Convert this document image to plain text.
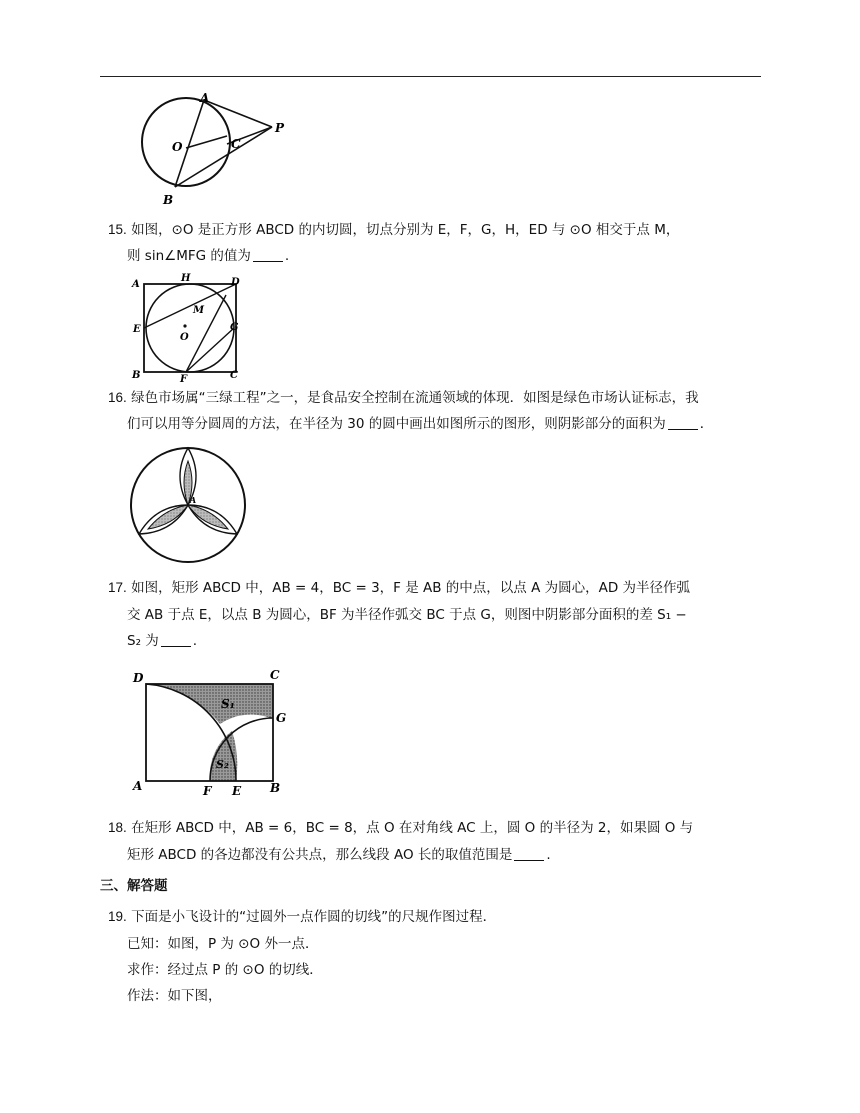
A
O	C
P
B
15. 如图，⊙O 是正方形 ABCD 的内切圆，切点分别为 E，F，G，H，ED 与 ⊙O 相交于点 M，
则 sin∠MFG 的值为	.
A
H	D
M
E
O
G
B	F	C
16. 绿色市场属“三绿工程”之一，是食品安全控制在流通领域的体现．如图是绿色市场认证标志，我
们可以用等分圆周的方法，在半径为 30 的圆中画出如图所示的图形，则阴影部分的面积为	．
A
17. 如图，矩形 ABCD 中，AB = 4，BC = 3，F 是 AB 的中点，以点 A 为圆心，AD 为半径作弧
交 AB 于点 E，以点 B 为圆心，BF 为半径作弧交 BC 于点 G，则图中阴影部分面积的差 S₁ −
S₂ 为	.
D	C
S₁
G
S₂
A	F E B
18. 在矩形 ABCD 中，AB = 6，BC = 8，点 O 在对角线 AC 上，圆 O 的半径为 2，如果圆 O 与
矩形 ABCD 的各边都没有公共点，那么线段 AO 长的取值范围是	.
三、解答题
19. 下面是小飞设计的“过圆外一点作圆的切线”的尺规作图过程．
已知：如图，P 为 ⊙O 外一点．
求作：经过点 P 的 ⊙O 的切线．
作法：如下图，
